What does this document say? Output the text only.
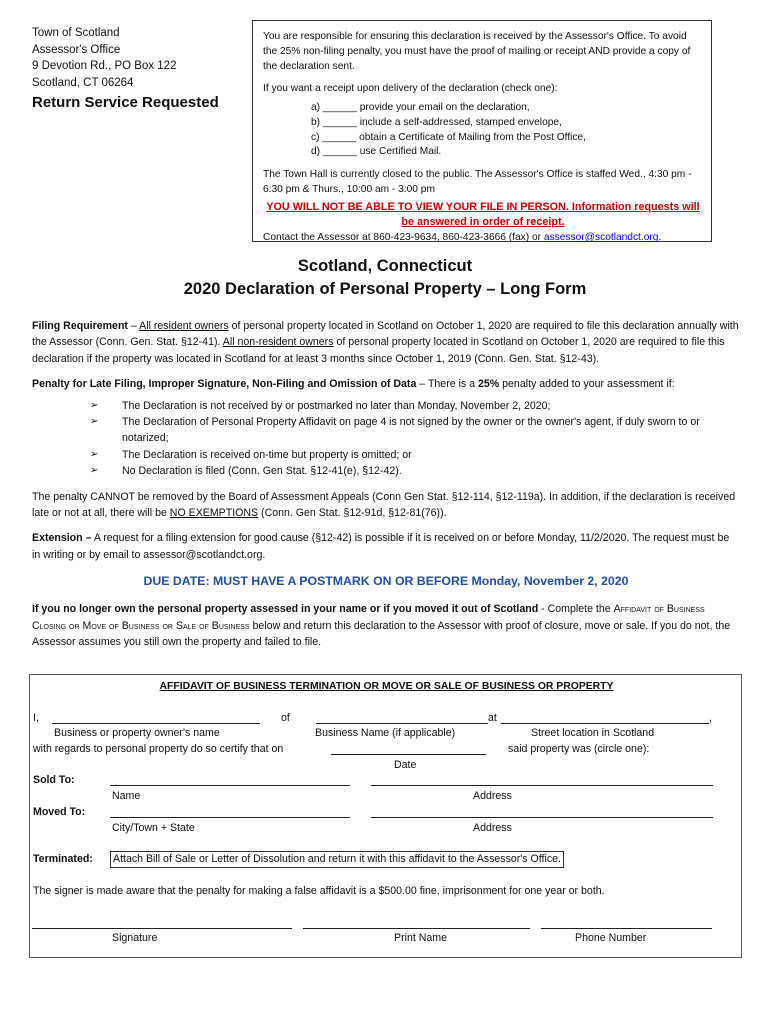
Town of Scotland
Assessor's Office
9 Devotion Rd., PO Box 122
Scotland, CT 06264
Return Service Requested

You are responsible for ensuring this declaration is received by the Assessor's Office. To avoid the 25% non-filing penalty, you must have the proof of mailing or receipt AND provide a copy of the declaration sent.

If you want a receipt upon delivery of the declaration (check one):

a) ______ provide your email on the declaration,
b) ______ include a self-addressed, stamped envelope,
c) ______ obtain a Certificate of Mailing from the Post Office,
d) ______ use Certified Mail.

The Town Hall is currently closed to the public. The Assessor's Office is staffed Wed., 4:30 pm - 6:30 pm & Thurs., 10:00 am - 3:00 pm

YOU WILL NOT BE ABLE TO VIEW YOUR FILE IN PERSON. Information requests will be answered in order of receipt.

Contact the Assessor at 860-423-9634, 860-423-3666 (fax) or assessor@scotlandct.org.

Scotland, Connecticut
2020 Declaration of Personal Property – Long Form

Filing Requirement – All resident owners of personal property located in Scotland on October 1, 2020 are required to file this declaration annually with the Assessor (Conn. Gen. Stat. §12-41). All non-resident owners of personal property located in Scotland on October 1, 2020 are required to file this declaration if the property was located in Scotland for at least 3 months since October 1, 2019 (Conn. Gen. Stat. §12-43).

Penalty for Late Filing, Improper Signature, Non-Filing and Omission of Data – There is a 25% penalty added to your assessment if:

➢ The Declaration is not received by or postmarked no later than Monday, November 2, 2020;
➢ The Declaration of Personal Property Affidavit on page 4 is not signed by the owner or the owner's agent, if duly sworn to or notarized;
➢ The Declaration is received on-time but property is omitted; or
➢ No Declaration is filed (Conn. Gen Stat. §12-41(e), §12-42).

The penalty CANNOT be removed by the Board of Assessment Appeals (Conn Gen Stat. §12-114, §12-119a). In addition, if the declaration is received late or not at all, there will be NO EXEMPTIONS (Conn. Gen Stat. §12-91d, §12-81(76)).

Extension – A request for a filing extension for good cause (§12-42) is possible if it is received on or before Monday, 11/2/2020. The request must be in writing or by email to assessor@scotlandct.org.

DUE DATE: MUST HAVE A POSTMARK ON OR BEFORE Monday, November 2, 2020

If you no longer own the personal property assessed in your name or if you moved it out of Scotland - Complete the Affidavit of Business Closing or Move of Business or Sale of Business below and return this declaration to the Assessor with proof of closure, move or sale. If you do not, the Assessor assumes you still own the property and failed to file.

AFFIDAVIT OF BUSINESS TERMINATION OR MOVE OR SALE OF BUSINESS OR PROPERTY
I,	of	at	,
Business or property owner's name	Business Name (if applicable)	Street location in Scotland
with regards to personal property do so certify that on	said property was (circle one):
Date
Sold To:
Name	Address
Moved To:
City/Town + State	Address
Terminated: Attach Bill of Sale or Letter of Dissolution and return it with this affidavit to the Assessor's Office.
The signer is made aware that the penalty for making a false affidavit is a $500.00 fine, imprisonment for one year or both.
Signature	Print Name	Phone Number
